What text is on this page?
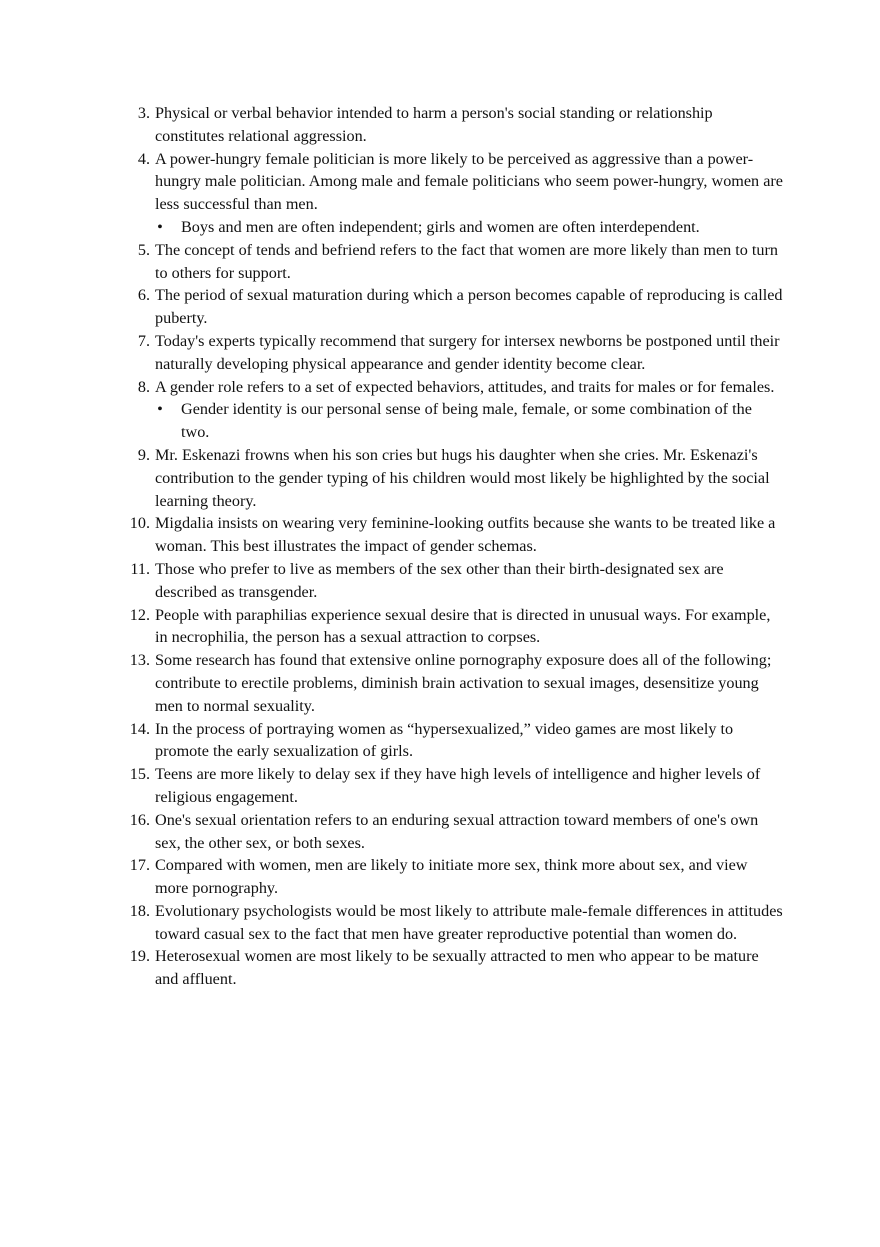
3. Physical or verbal behavior intended to harm a person's social standing or relationship constitutes relational aggression.
4. A power-hungry female politician is more likely to be perceived as aggressive than a power-hungry male politician. Among male and female politicians who seem power-hungry, women are less successful than men.
• Boys and men are often independent; girls and women are often interdependent.
5. The concept of tends and befriend refers to the fact that women are more likely than men to turn to others for support.
6. The period of sexual maturation during which a person becomes capable of reproducing is called puberty.
7. Today's experts typically recommend that surgery for intersex newborns be postponed until their naturally developing physical appearance and gender identity become clear.
8. A gender role refers to a set of expected behaviors, attitudes, and traits for males or for females.
• Gender identity is our personal sense of being male, female, or some combination of the two.
9. Mr. Eskenazi frowns when his son cries but hugs his daughter when she cries. Mr. Eskenazi's contribution to the gender typing of his children would most likely be highlighted by the social learning theory.
10. Migdalia insists on wearing very feminine-looking outfits because she wants to be treated like a woman. This best illustrates the impact of gender schemas.
11. Those who prefer to live as members of the sex other than their birth-designated sex are described as transgender.
12. People with paraphilias experience sexual desire that is directed in unusual ways. For example, in necrophilia, the person has a sexual attraction to corpses.
13. Some research has found that extensive online pornography exposure does all of the following; contribute to erectile problems, diminish brain activation to sexual images, desensitize young men to normal sexuality.
14. In the process of portraying women as “hypersexualized,” video games are most likely to promote the early sexualization of girls.
15. Teens are more likely to delay sex if they have high levels of intelligence and higher levels of religious engagement.
16. One's sexual orientation refers to an enduring sexual attraction toward members of one's own sex, the other sex, or both sexes.
17. Compared with women, men are likely to initiate more sex, think more about sex, and view more pornography.
18. Evolutionary psychologists would be most likely to attribute male-female differences in attitudes toward casual sex to the fact that men have greater reproductive potential than women do.
19. Heterosexual women are most likely to be sexually attracted to men who appear to be mature and affluent.
